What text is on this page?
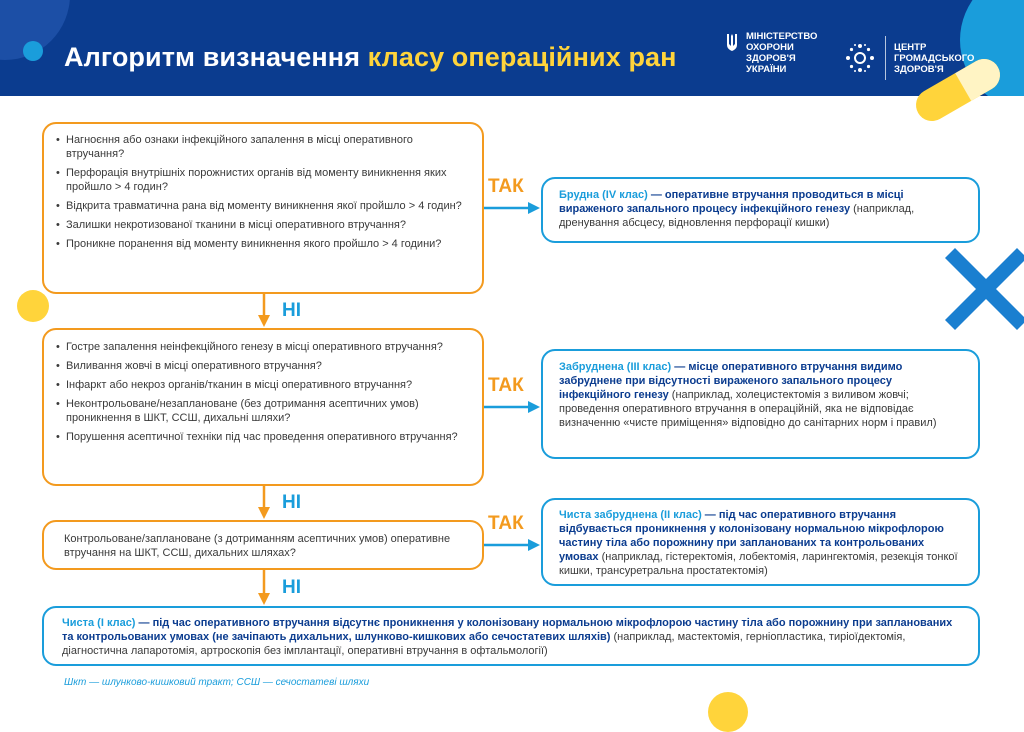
Алгоритм визначення класу операційних ран
МІНІСТЕРСТВО
ОХОРОНИ
ЗДОРОВ'Я
УКРАЇНИ
ЦЕНТР
ГРОМАДСЬКОГО
ЗДОРОВ'Я
• Нагноєння або ознаки інфекційного запалення в місці оперативного втручання?
• Перфорація внутрішніх порожнистих органів від моменту виникнення яких пройшло > 4 годин?
• Відкрита травматична рана від моменту виникнення якої пройшло > 4 годин?
• Залишки некротизованої тканини в місці оперативного втручання?
• Проникне поранення від моменту виникнення якого пройшло > 4 години?
ТАК
НІ
Брудна (IV клас) — оперативне втручання проводиться в місці вираженого запального процесу інфекційного генезу (наприклад, дренування абсцесу, відновлення перфорації кишки)
• Гостре запалення неінфекційного генезу в місці оперативного втручання?
• Виливання жовчі в місці оперативного втручання?
• Інфаркт або некроз органів/тканин в місці оперативного втручання?
• Неконтрольоване/незаплановане (без дотримання асептичних умов) проникнення в ШКТ, ССШ, дихальні шляхи?
• Порушення асептичної техніки під час проведення оперативного втручання?
ТАК
НІ
Забруднена (III клас) — місце оперативного втручання видимо забруднене при відсутності вираженого запального процесу інфекційного генезу (наприклад, холецистектомія з виливом жовчі; проведення оперативного втручання в операційній, яка не відповідає визначенню «чисте приміщення» відповідно до санітарних норм і правил)
Контрольоване/заплановане (з дотриманням асептичних умов) оперативне втручання на ШКТ, ССШ, дихальних шляхах?
ТАК
НІ
Чиста забруднена (II клас) — під час оперативного втручання відбувається проникнення у колонізовану нормальною мікрофлорою частину тіла або порожнину при запланованих та контрольованих умовах (наприклад, гістеректомія, лобектомія, ларингектомія, резекція тонкої кишки, трансуретральна простатектомія)
Чиста (I клас) — під час оперативного втручання відсутнє проникнення у колонізовану нормальною мікрофлорою частину тіла або порожнину при запланованих та контрольованих умовах (не зачіпають дихальних, шлунково-кишкових або сечостатевих шляхів) (наприклад, мастектомія, герніопластика, тиріоїдектомія, діагностична лапаротомія, артроскопія без імплантації, оперативні втручання в офтальмології)
Шкт — шлунково-кишковий тракт; ССШ — сечостатеві шляхи
